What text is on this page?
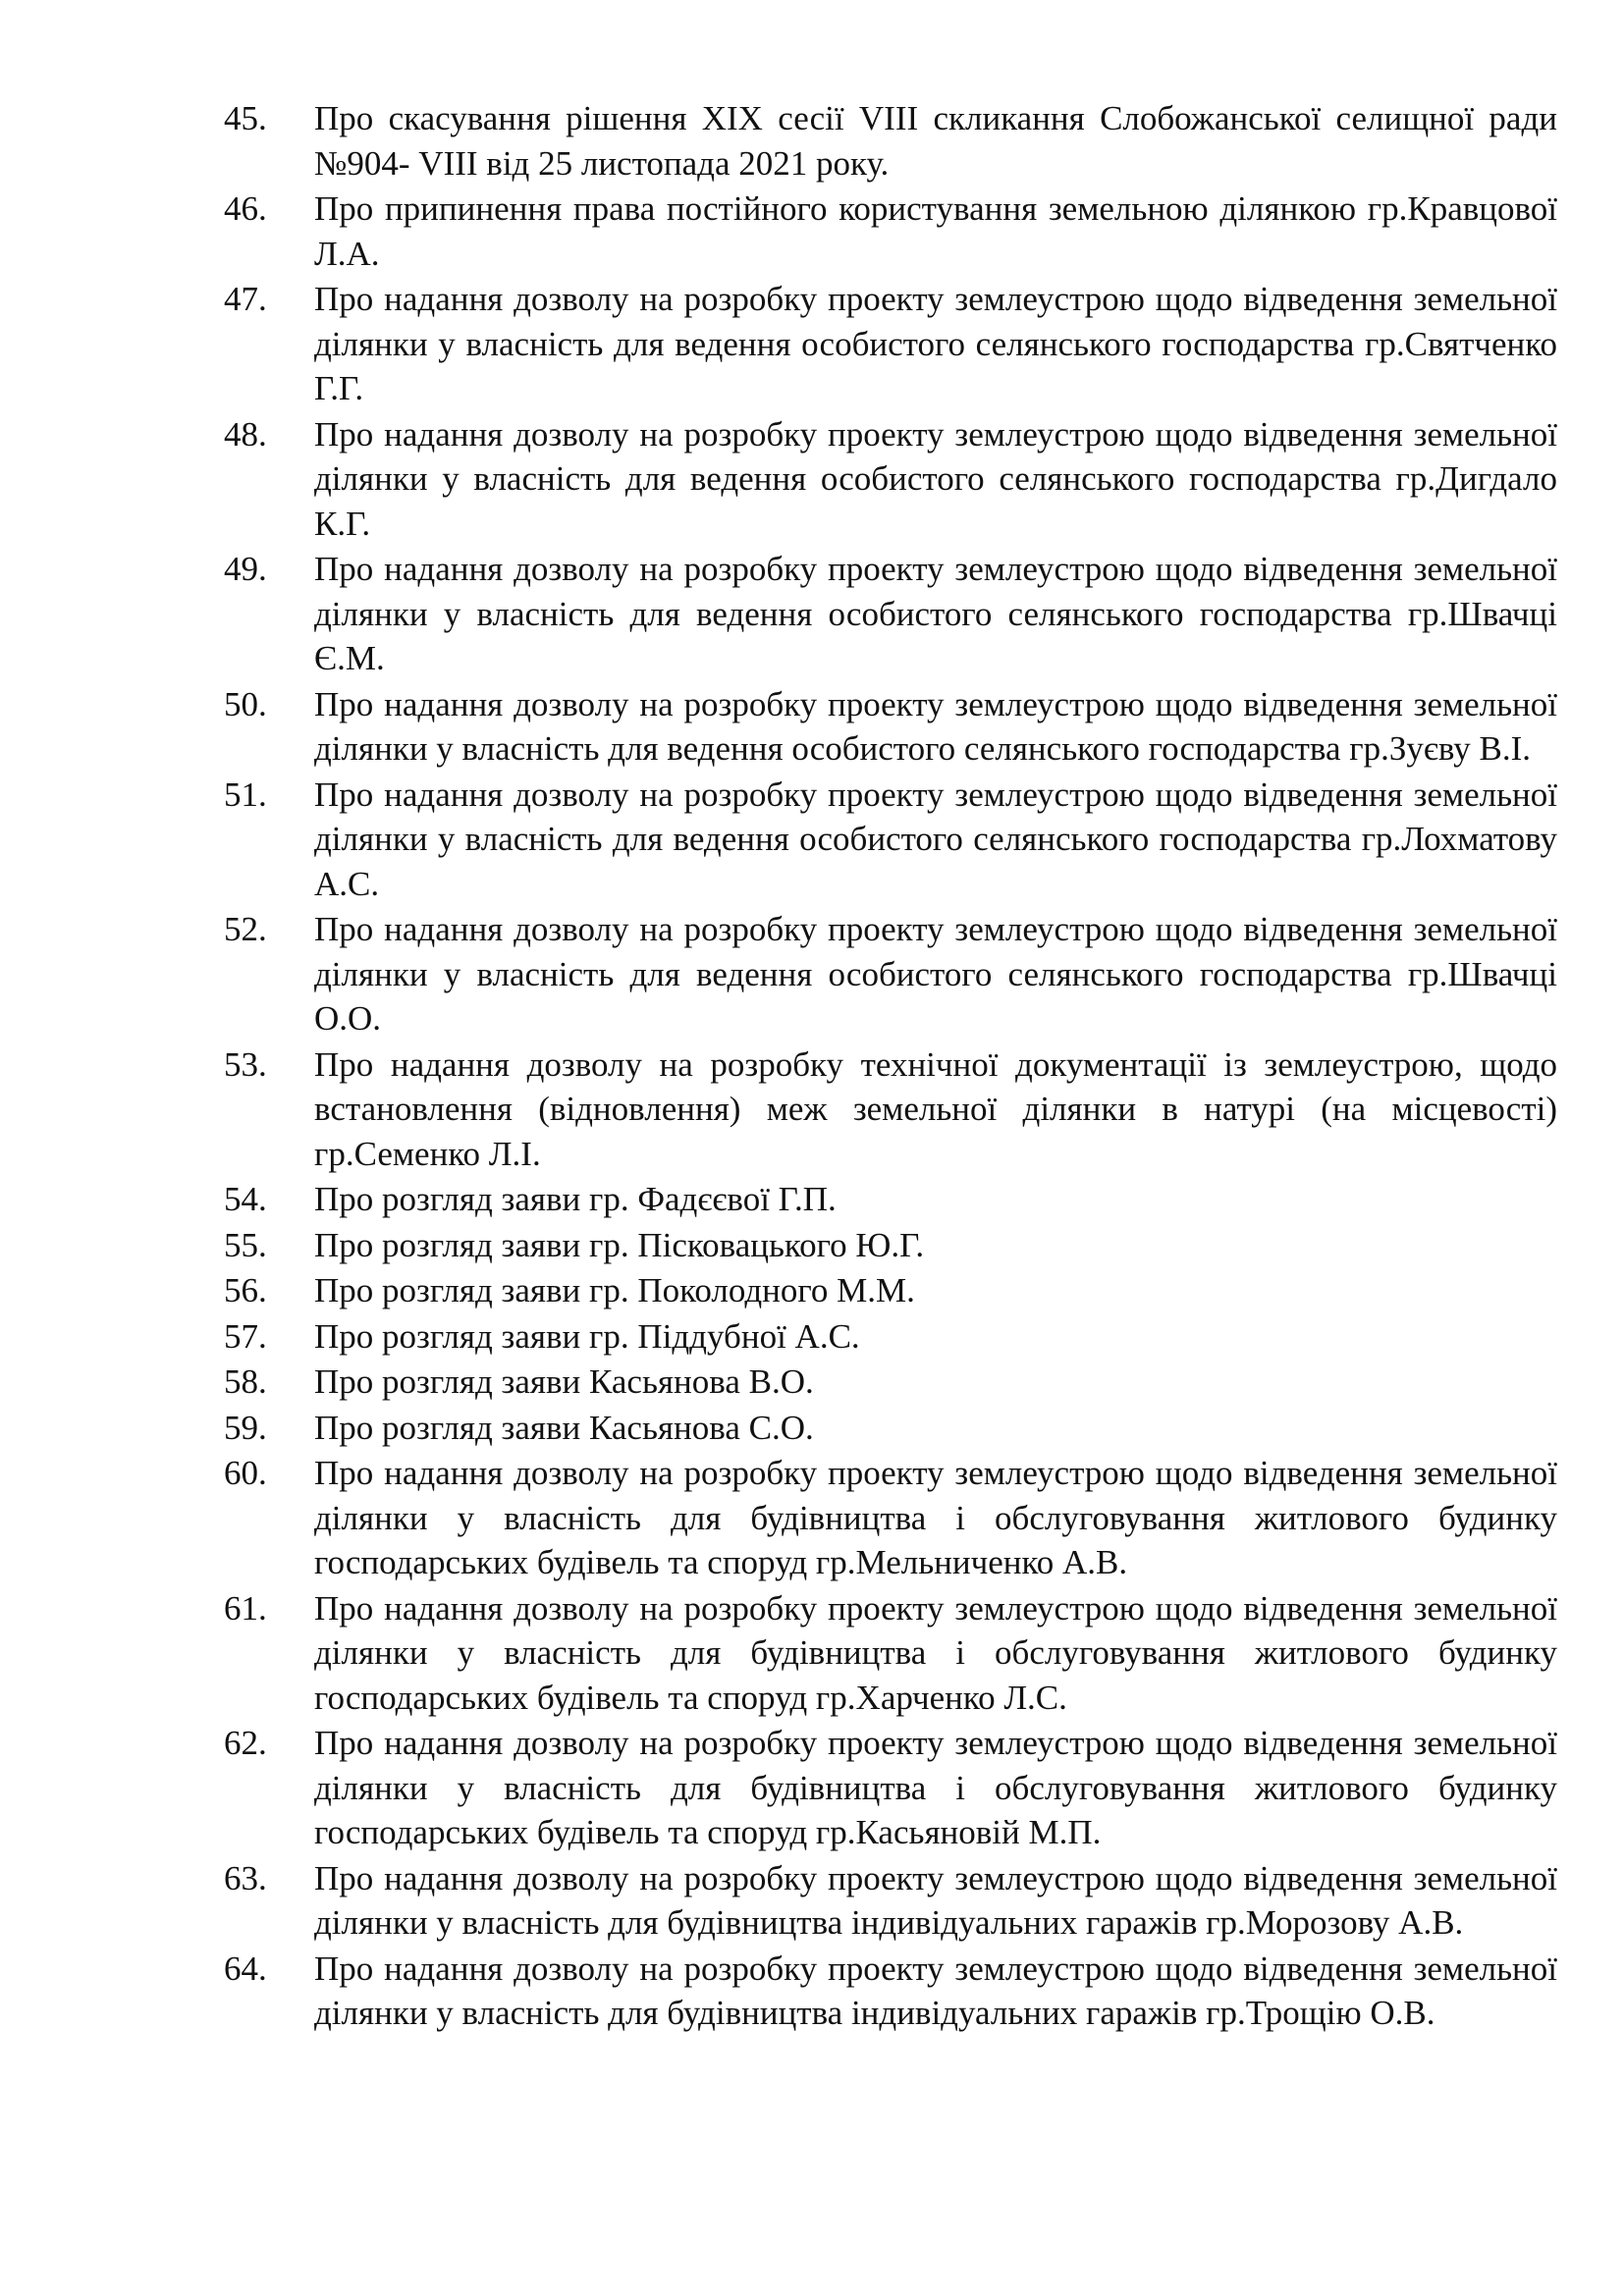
45.	Про скасування рішення XIX сесії VIII скликання Слобожанської селищної ради №904- VIII від 25 листопада 2021 року.
46.	Про припинення права постійного користування земельною ділянкою гр.Кравцової Л.А.
47.	Про надання дозволу на розробку проекту землеустрою щодо відведення земельної ділянки у власність для ведення особистого селянського господарства гр.Святченко Г.Г.
48.	Про надання дозволу на розробку проекту землеустрою щодо відведення земельної ділянки у власність для ведення особистого селянського господарства гр.Дигдало К.Г.
49.	Про надання дозволу на розробку проекту землеустрою щодо відведення земельної ділянки у власність для ведення особистого селянського господарства гр.Швачці Є.М.
50.	Про надання дозволу на розробку проекту землеустрою щодо відведення земельної ділянки у власність для ведення особистого селянського господарства гр.Зуєву В.І.
51.	Про надання дозволу на розробку проекту землеустрою щодо відведення земельної ділянки у власність для ведення особистого селянського господарства гр.Лохматову А.С.
52.	Про надання дозволу на розробку проекту землеустрою щодо відведення земельної ділянки у власність для ведення особистого селянського господарства гр.Швачці О.О.
53.	Про надання дозволу на розробку технічної документації із землеустрою, щодо встановлення (відновлення) меж земельної ділянки в натурі (на місцевості) гр.Семенко Л.І.
54.	Про розгляд заяви гр. Фадєєвої Г.П.
55.	Про розгляд заяви гр. Пісковацького Ю.Г.
56.	Про розгляд заяви гр. Поколодного М.М.
57.	Про розгляд заяви гр. Піддубної А.С.
58.	Про розгляд заяви Касьянова В.О.
59.	Про розгляд заяви Касьянова С.О.
60.	Про надання дозволу на розробку проекту землеустрою щодо відведення земельної ділянки у власність для будівництва і обслуговування житлового будинку господарських будівель та споруд гр.Мельниченко А.В.
61.	Про надання дозволу на розробку проекту землеустрою щодо відведення земельної ділянки у власність для будівництва і обслуговування житлового будинку господарських будівель та споруд гр.Харченко Л.С.
62.	Про надання дозволу на розробку проекту землеустрою щодо відведення земельної ділянки у власність для будівництва і обслуговування житлового будинку господарських будівель та споруд гр.Касьяновій М.П.
63.	Про надання дозволу на розробку проекту землеустрою щодо відведення земельної ділянки у власність для будівництва індивідуальних гаражів гр.Морозову А.В.
64.	Про надання дозволу на розробку проекту землеустрою щодо відведення земельної ділянки у власність для будівництва індивідуальних гаражів гр.Трощію О.В.
